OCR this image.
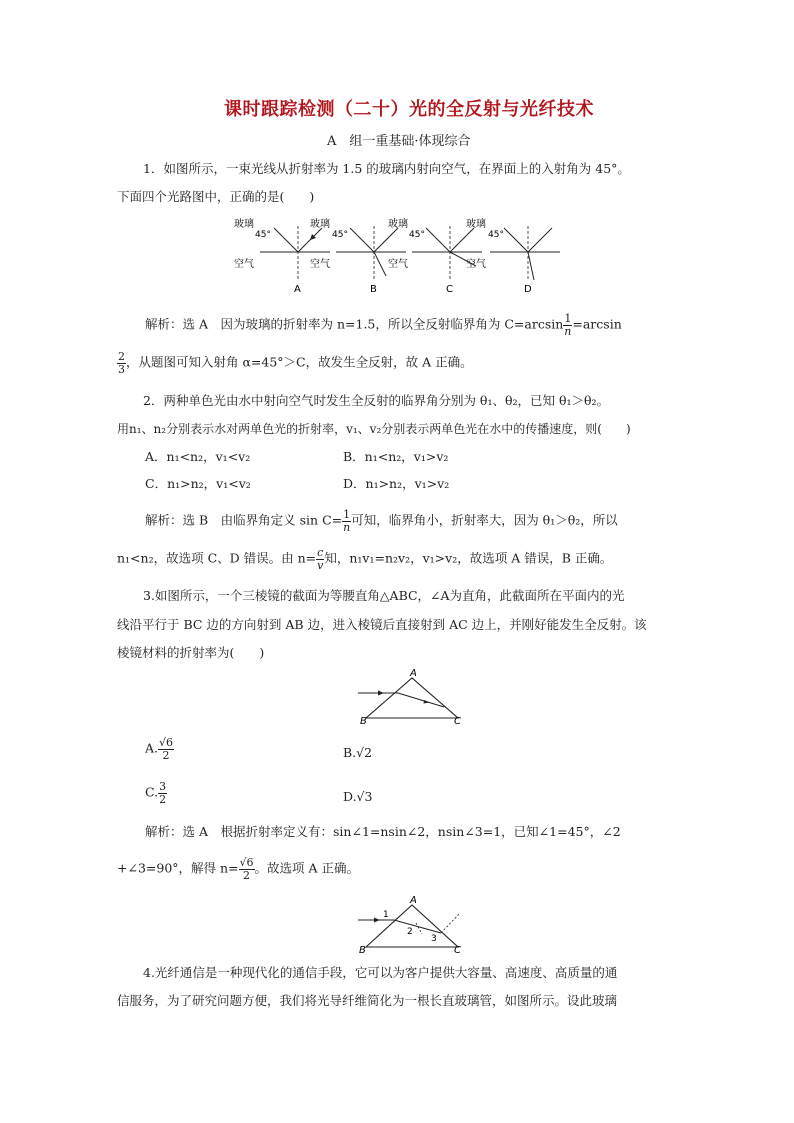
课时跟踪检测（二十）光的全反射与光纤技术
A　组一重基础·体现综合
1．如图所示，一束光线从折射率为 1.5 的玻璃内射向空气，在界面上的入射角为 45°。
下面四个光路图中，正确的是(　　)
玻璃
45°
空气
A
玻璃
45°
空气
B
玻璃
45°
空气
C
玻璃
45°
空气
D
解析：选 A　因为玻璃的折射率为 n=1.5，所以全反射临界角为 $C=\arcsin \frac{1}{n} =\arcsin$
$\frac{2}{3}$ ，从题图可知入射角 α=45°＞C，故发生全反射，故 A 正确。
2．两种单色光由水中射向空气时发生全反射的临界角分别为 θ₁、θ₂，已知 θ₁＞θ₂。
用n₁、n₂分别表示水对两单色光的折射率，v₁、v₂分别表示两单色光在水中的传播速度，则(　　)
A．n₁<n₂，v₁<v₂	B．n₁<n₂，v₁>v₂
C．n₁>n₂，v₁<v₂	D．n₁>n₂，v₁>v₂
解析：选 B　由临界角定义 $\sin C= \frac{1}{n}$ 可知，临界角小，折射率大，因为 θ₁＞θ₂，所以
n₁<n₂，故选项 C、D 错误。由 $n= \frac{c}{v}$ 知，n₁v₁=n₂v₂，v₁>v₂，故选项 A 错误，B 正确。
3.如图所示，一个三棱镜的截面为等腰直角△ABC，∠A为直角，此截面所在平面内的光
线沿平行于 BC 边的方向射到 AB 边，进入棱镜后直接射到 AC 边上，并刚好能发生全反射。该
棱镜材料的折射率为(　　)
A
B	C
A. $\frac{√6}{2}$	B.√2
C. $\frac{3}{2}$	D.√3
解析：选 A　根据折射率定义有：sin∠1=nsin∠2，nsin∠3=1，已知∠1=45°，∠2
+∠3=90°，解得 $n= \frac{√6}{2}$ 。故选项 A 正确。
1
2
3
A
B	C
4.光纤通信是一种现代化的通信手段，它可以为客户提供大容量、高速度、高质量的通
信服务，为了研究问题方便，我们将光导纤维简化为一根长直玻璃管，如图所示。设此玻璃
